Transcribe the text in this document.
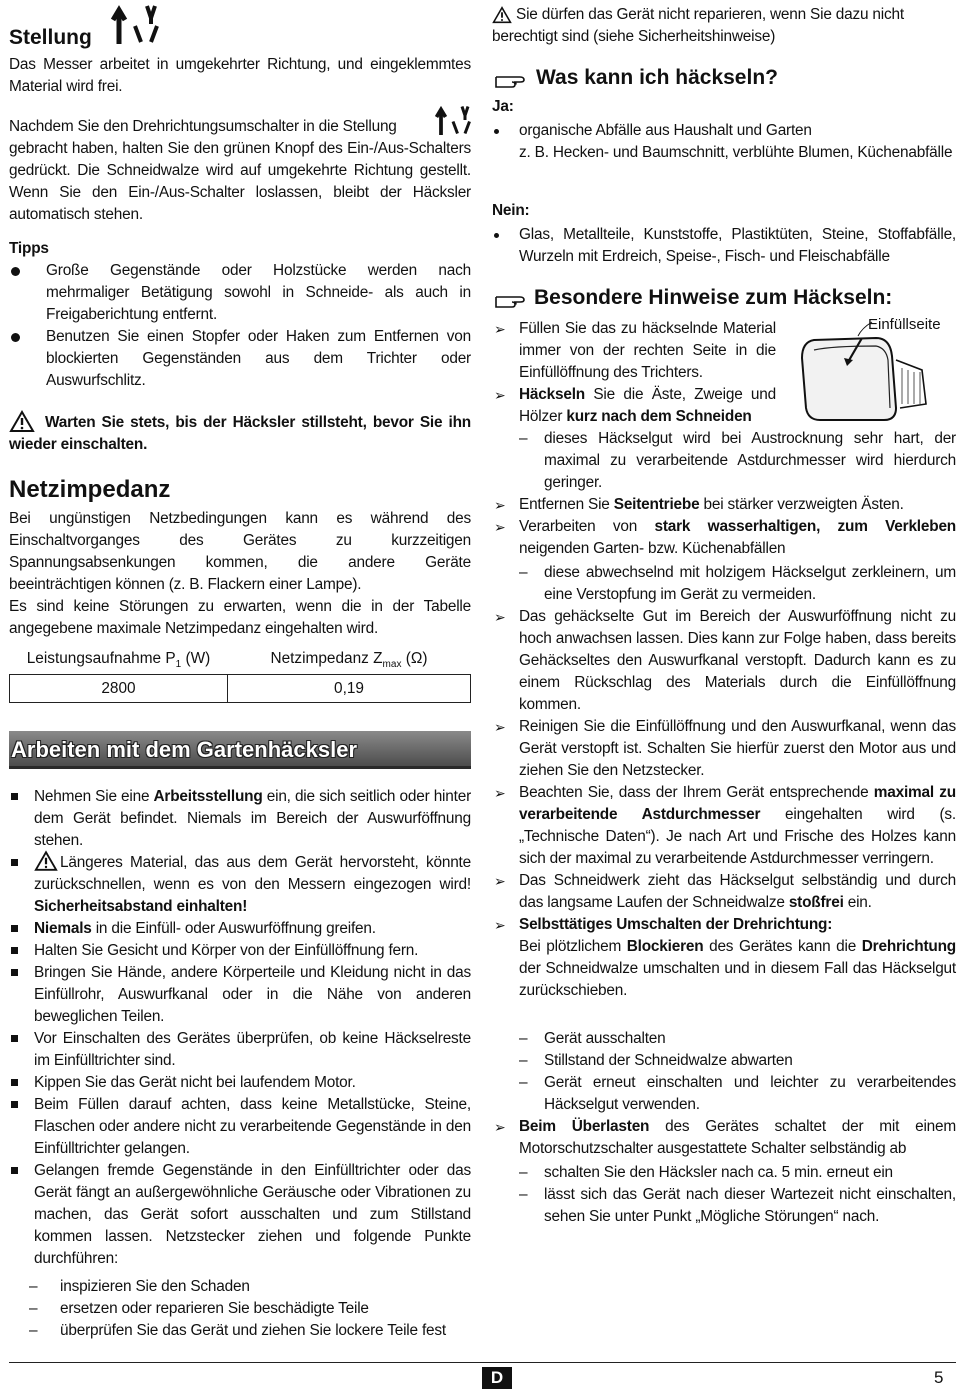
Stellung

Das Messer arbeitet in umgekehrter Richtung, und eingeklemmtes Material wird frei.

Nachdem Sie den Drehrichtungsumschalter in die Stellung

gebracht haben, halten Sie den grünen Knopf des Ein-/Aus-Schalters gedrückt. Die Schneidwalze wird auf umgekehrte Richtung gestellt. Wenn Sie den Ein-/Aus-Schalter loslassen, bleibt der Häcksler automatisch stehen.

Tipps

Große Gegenstände oder Holzstücke werden nach mehrmaliger Betätigung sowohl in Schneide- als auch in Freigaberichtung entfernt.
Benutzen Sie einen Stopfer oder Haken zum Entfernen von blockierten Gegenständen aus dem Trichter oder Auswurfschlitz.

Warten Sie stets, bis der Häcksler stillsteht, bevor Sie ihn wieder einschalten.

Netzimpedanz

Bei ungünstigen Netzbedingungen kann es während des Einschaltvorganges des Gerätes zu kurzzeitigen Spannungsabsenkungen kommen, die andere Geräte beeinträchtigen können (z. B. Flackern einer Lampe).

Es sind keine Störungen zu erwarten, wenn die in der Tabelle angegebene maximale Netzimpedanz eingehalten wird.

Leistungsaufnahme $P_1$ (W)	Netzimpedanz $Z_{max}$ (Ω)
2800	0,19
Arbeiten mit dem Gartenhäcksler
Nehmen Sie eine Arbeitsstellung ein, die sich seitlich oder hinter dem Gerät befindet. Niemals im Bereich der Auswurföffnung stehen.
Längeres Material, das aus dem Gerät hervorsteht, könnte zurückschnellen, wenn es von den Messern eingezogen wird! Sicherheitsabstand einhalten!
Niemals in die Einfüll- oder Auswurföffnung greifen.
Halten Sie Gesicht und Körper von der Einfüllöffnung fern.
Bringen Sie Hände, andere Körperteile und Kleidung nicht in das Einfüllrohr, Auswurfkanal oder in die Nähe von anderen beweglichen Teilen.
Vor Einschalten des Gerätes überprüfen, ob keine Häckselreste im Einfülltrichter sind.
Kippen Sie das Gerät nicht bei laufendem Motor.
Beim Füllen darauf achten, dass keine Metallstücke, Steine, Flaschen oder andere nicht zu verarbeitende Gegenstände in den Einfülltrichter gelangen.
Gelangen fremde Gegenstände in den Einfülltrichter oder das Gerät fängt an außergewöhnliche Geräusche oder Vibrationen zu machen, das Gerät sofort ausschalten und zum Stillstand kommen lassen. Netzstecker ziehen und folgende Punkte durchführen:
– inspizieren Sie den Schaden
– ersetzen oder reparieren Sie beschädigte Teile
– überprüfen Sie das Gerät und ziehen Sie lockere Teile fest

Sie dürfen das Gerät nicht reparieren, wenn Sie dazu nicht berechtigt sind (siehe Sicherheitshinweise)

Was kann ich häckseln?

Ja:

organische Abfälle aus Haushalt und Garten
z. B. Hecken- und Baumschnitt, verblühte Blumen, Küchenabfälle

Nein:

Glas, Metallteile, Kunststoffe, Plastiktüten, Steine, Stoffabfälle, Wurzeln mit Erdreich, Speise-, Fisch- und Fleischabfälle
Besondere Hinweise zum Häckseln:
Einfüllseite
➢ Füllen Sie das zu häckselnde Material immer von der rechten Seite in die Einfüllöffnung des Trichters.
➢ Häckseln Sie die Äste, Zweige und Hölzer kurz nach dem Schneiden
– dieses Häckselgut wird bei Austrocknung sehr hart, der maximal zu verarbeitende Astdurchmesser wird hierdurch geringer.
➢ Entfernen Sie Seitentriebe bei stärker verzweigten Ästen.
➢ Verarbeiten von stark wasserhaltigen, zum Verkleben neigenden Garten- bzw. Küchenabfällen
– diese abwechselnd mit holzigem Häckselgut zerkleinern, um eine Verstopfung im Gerät zu vermeiden.
➢ Das gehäckselte Gut im Bereich der Auswurföffnung nicht zu hoch anwachsen lassen. Dies kann zur Folge haben, dass bereits Gehäckseltes den Auswurfkanal verstopft. Dadurch kann es zu einem Rückschlag des Materials durch die Einfüllöffnung kommen.
➢ Reinigen Sie die Einfüllöffnung und den Auswurfkanal, wenn das Gerät verstopft ist. Schalten Sie hierfür zuerst den Motor aus und ziehen Sie den Netzstecker.
➢ Beachten Sie, dass der Ihrem Gerät entsprechende maximal zu verarbeitende Astdurchmesser eingehalten wird (s. „Technische Daten“). Je nach Art und Frische des Holzes kann sich der maximal zu verarbeitende Astdurchmesser verringern.
➢ Das Schneidwerk zieht das Häckselgut selbständig und durch das langsame Laufen der Schneidwalze stoßfrei ein.
➢ Selbsttätiges Umschalten der Drehrichtung:
Bei plötzlichem Blockieren des Gerätes kann die Drehrichtung der Schneidwalze umschalten und in diesem Fall das Häckselgut zurückschieben.
– Gerät ausschalten
– Stillstand der Schneidwalze abwarten
– Gerät erneut einschalten und leichter zu verarbeitendes Häckselgut verwenden.
➢ Beim Überlasten des Gerätes schaltet der mit einem Motorschutzschalter ausgestattete Schalter selbständig ab
– schalten Sie den Häcksler nach ca. 5 min. erneut ein
– lässt sich das Gerät nach dieser Wartezeit nicht einschalten, sehen Sie unter Punkt „Mögliche Störungen“ nach.
D	5
